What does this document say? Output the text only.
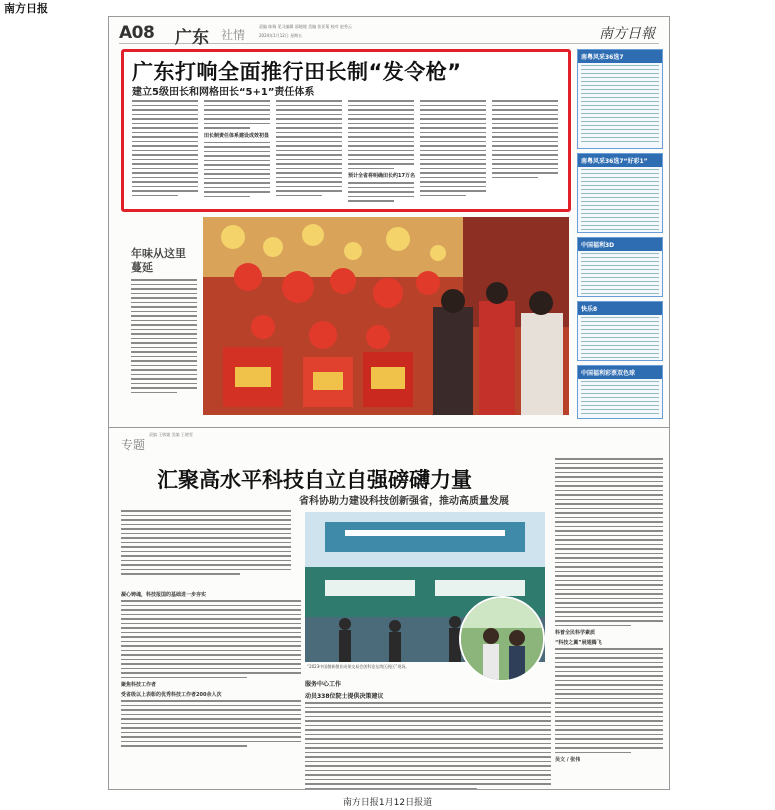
南方日报
A08 广东 社情
责编 陈瑞 见习编辑 邵媛媛 美编 张亚菊 校对 赵秀云
2024年1月12日 星期五	南方日報
广东打响全面推行田长制“发令枪”
建立5级田长和网格田长“5+1”责任体系
田长制责任体系建设成效初显
预计全省将明确田长约17万名
南粤风采36选7
南粤风采36选7“好彩1”
中国福利3D
快乐8
中国福利彩票双色球
年味从这里蔓延
专题
责编 王敏婕 美编 王晓雯
汇聚高水平科技自立自强磅礴力量
省科协助力建设科技创新强省，推动高质量发展
“2023中国創新創业成果交易会创科论坛湾区展区”现场。
凝心铸魂，科技报国的基础进一步夯实
聚焦科技工作者
受省级以上表彰的优秀科技工作者200余人次
服务中心工作
动员338位院士提供决策建议
科普全民科学素质
“科技之翼”展翅腾飞
吴文 / 张伟
南方日报1月12日报道
